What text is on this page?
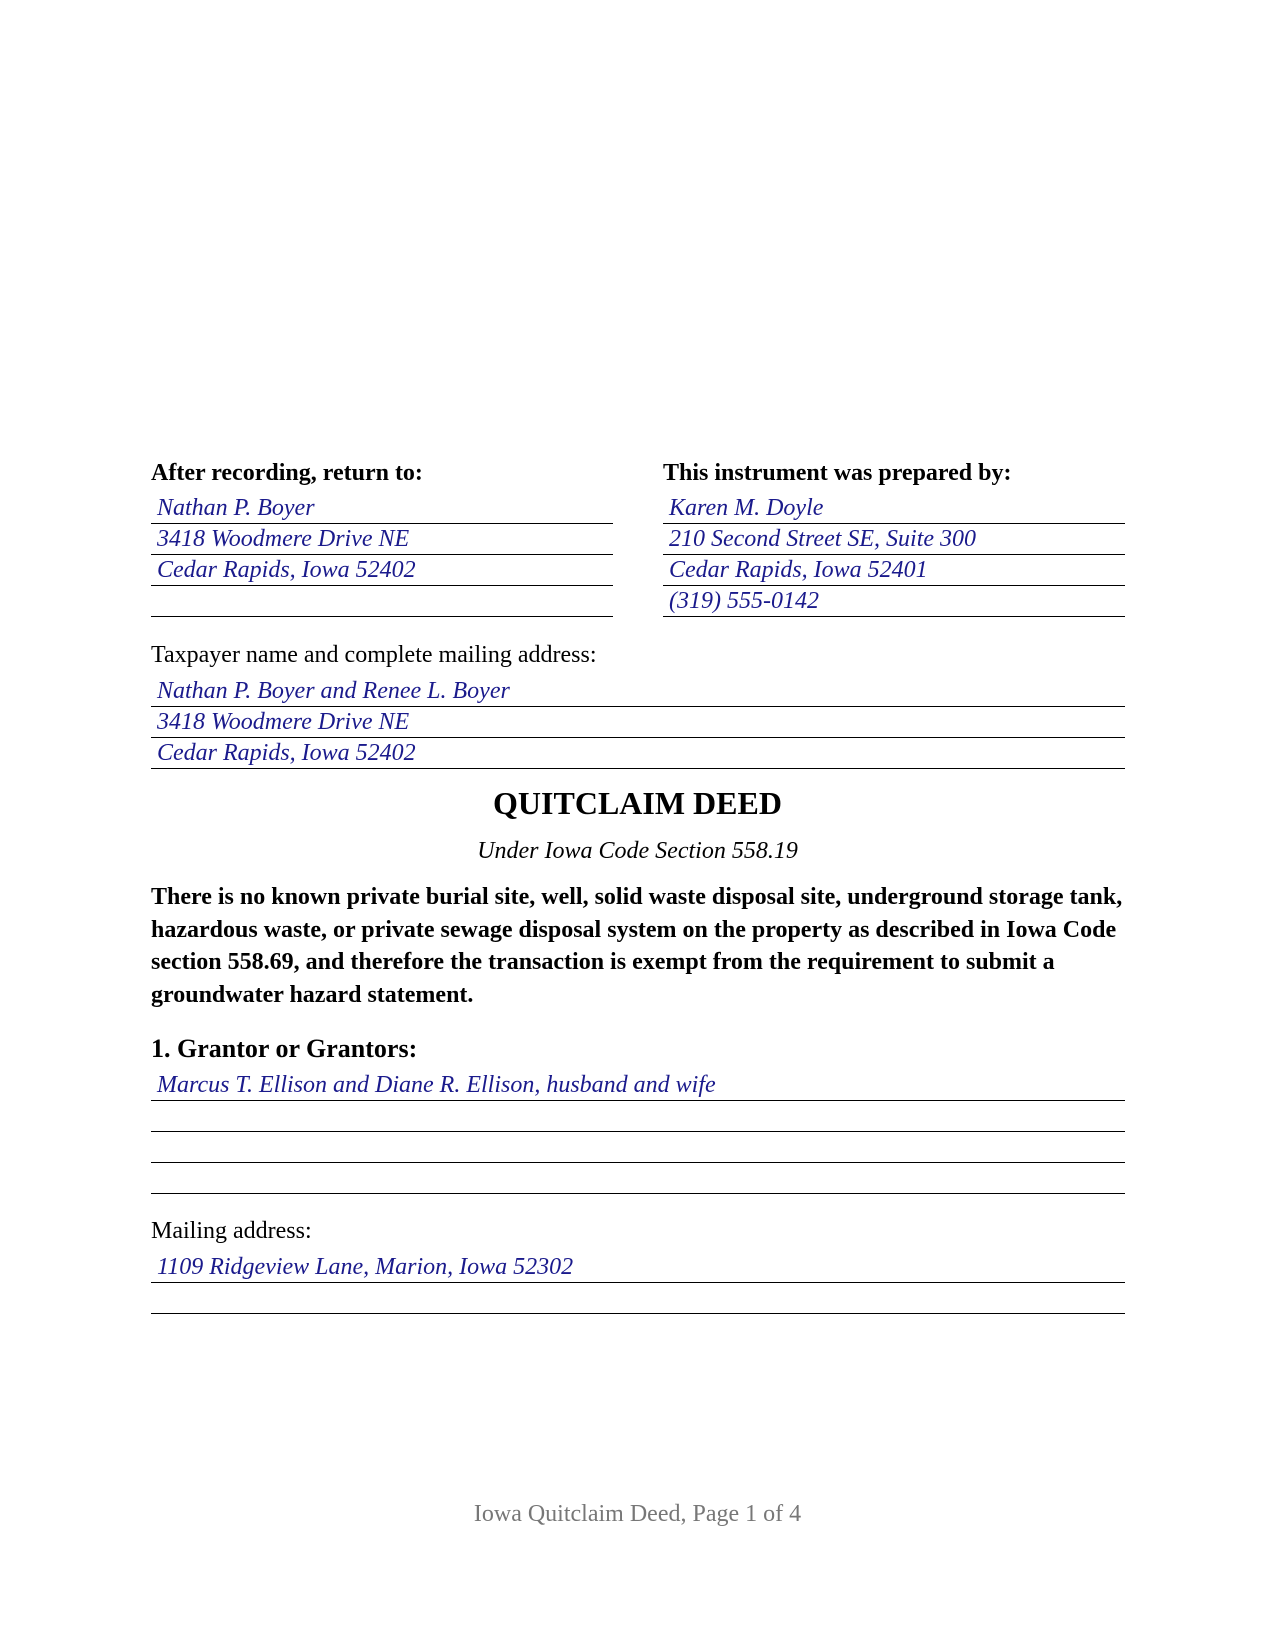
After recording, return to:	This instrument was prepared by:
Nathan P. Boyer
3418 Woodmere Drive NE
Cedar Rapids, Iowa 52402
Karen M. Doyle
210 Second Street SE, Suite 300
Cedar Rapids, Iowa 52401
(319) 555-0142
Taxpayer name and complete mailing address:
Nathan P. Boyer and Renee L. Boyer
3418 Woodmere Drive NE
Cedar Rapids, Iowa 52402
QUITCLAIM DEED
Under Iowa Code Section 558.19
There is no known private burial site, well, solid waste disposal site, underground storage tank, hazardous waste, or private sewage disposal system on the property as described in Iowa Code section 558.69, and therefore the transaction is exempt from the requirement to submit a groundwater hazard statement.
1. Grantor or Grantors:
Marcus T. Ellison and Diane R. Ellison, husband and wife
Mailing address:
1109 Ridgeview Lane, Marion, Iowa 52302
Iowa Quitclaim Deed, Page 1 of 4
